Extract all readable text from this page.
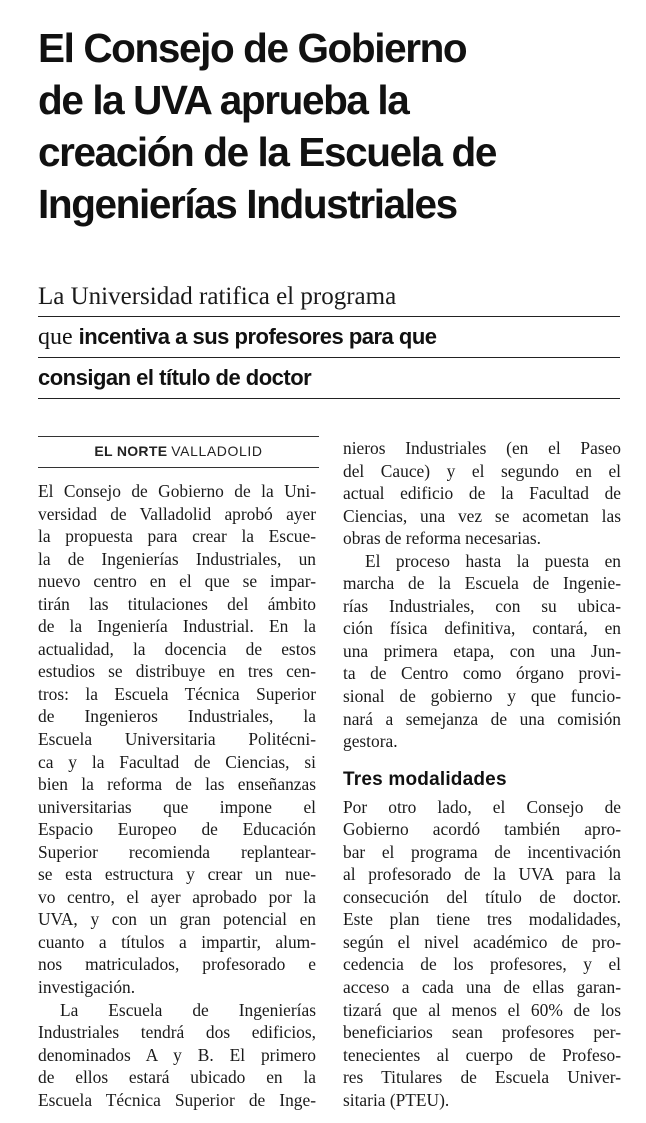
El Consejo de Gobierno
de la UVA aprueba la
creación de la Escuela de
Ingenierías Industriales
La Universidad ratifica el programa
que incentiva a sus profesores para que
consigan el título de doctor
EL NORTE VALLADOLID
El Consejo de Gobierno de la Uni-
versidad de Valladolid aprobó ayer
la propuesta para crear la Escue-
la de Ingenierías Industriales, un
nuevo centro en el que se impar-
tirán las titulaciones del ámbito
de la Ingeniería Industrial. En la
actualidad, la docencia de estos
estudios se distribuye en tres cen-
tros: la Escuela Técnica Superior
de Ingenieros Industriales, la
Escuela Universitaria Politécni-
ca y la Facultad de Ciencias, si
bien la reforma de las enseñanzas
universitarias que impone el
Espacio Europeo de Educación
Superior recomienda replantear-
se esta estructura y crear un nue-
vo centro, el ayer aprobado por la
UVA, y con un gran potencial en
cuanto a títulos a impartir, alum-
nos matriculados, profesorado e
investigación.
La Escuela de Ingenierías
Industriales tendrá dos edificios,
denominados A y B. El primero
de ellos estará ubicado en la
Escuela Técnica Superior de Inge-
nieros Industriales (en el Paseo
del Cauce) y el segundo en el
actual edificio de la Facultad de
Ciencias, una vez se acometan las
obras de reforma necesarias.
El proceso hasta la puesta en
marcha de la Escuela de Ingenie-
rías Industriales, con su ubica-
ción física definitiva, contará, en
una primera etapa, con una Jun-
ta de Centro como órgano provi-
sional de gobierno y que funcio-
nará a semejanza de una comisión
gestora.
Tres modalidades
Por otro lado, el Consejo de
Gobierno acordó también apro-
bar el programa de incentivación
al profesorado de la UVA para la
consecución del título de doctor.
Este plan tiene tres modalidades,
según el nivel académico de pro-
cedencia de los profesores, y el
acceso a cada una de ellas garan-
tizará que al menos el 60% de los
beneficiarios sean profesores per-
tenecientes al cuerpo de Profeso-
res Titulares de Escuela Univer-
sitaria (PTEU).
